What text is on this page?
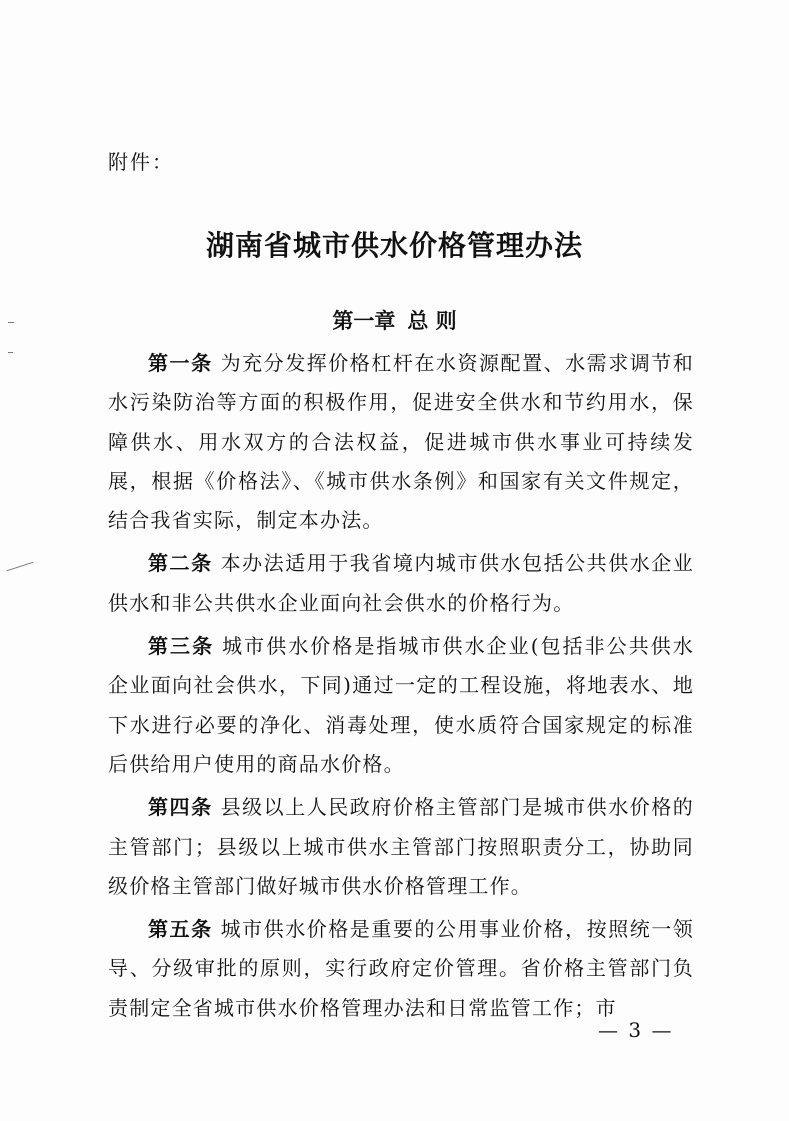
附件：
湖南省城市供水价格管理办法
第一章 总 则

第一条 为充分发挥价格杠杆在水资源配置、水需求调节和水污染防治等方面的积极作用，促进安全供水和节约用水，保障供水、用水双方的合法权益，促进城市供水事业可持续发展，根据《价格法》、《城市供水条例》和国家有关文件规定，结合我省实际，制定本办法。

第二条 本办法适用于我省境内城市供水包括公共供水企业供水和非公共供水企业面向社会供水的价格行为。

第三条 城市供水价格是指城市供水企业(包括非公共供水企业面向社会供水，下同)通过一定的工程设施，将地表水、地下水进行必要的净化、消毒处理，使水质符合国家规定的标准后供给用户使用的商品水价格。

第四条 县级以上人民政府价格主管部门是城市供水价格的主管部门；县级以上城市供水主管部门按照职责分工，协助同级价格主管部门做好城市供水价格管理工作。

第五条 城市供水价格是重要的公用事业价格，按照统一领导、分级审批的原则，实行政府定价管理。省价格主管部门负责制定全省城市供水价格管理办法和日常监管工作；市

— 3 —
